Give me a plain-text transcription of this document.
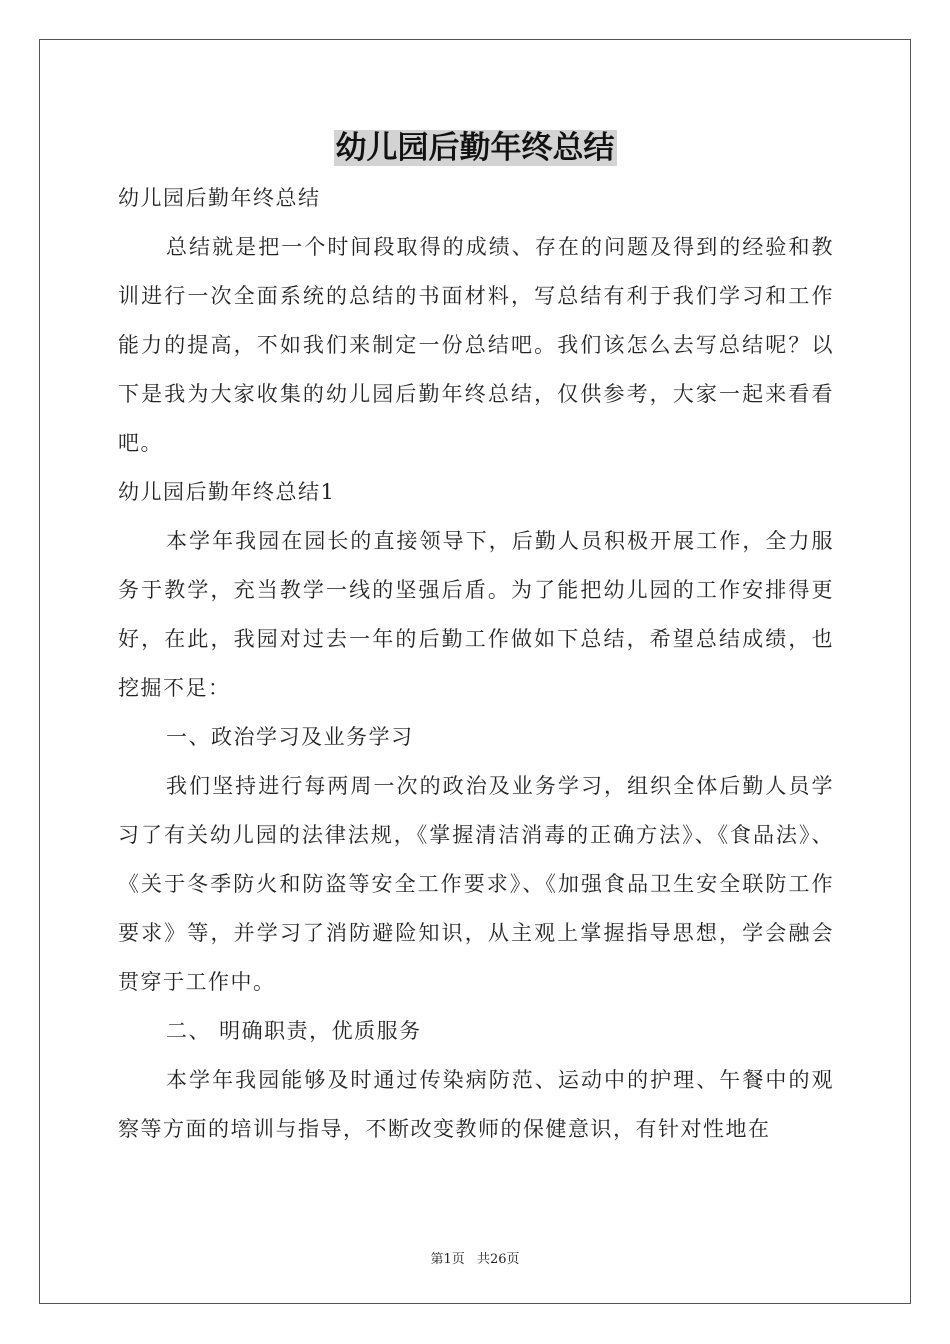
幼儿园后勤年终总结

幼儿园后勤年终总结

总结就是把一个时间段取得的成绩、存在的问题及得到的经验和教训进行一次全面系统的总结的书面材料，写总结有利于我们学习和工作能力的提高，不如我们来制定一份总结吧。我们该怎么去写总结呢？以下是我为大家收集的幼儿园后勤年终总结，仅供参考，大家一起来看看吧。

幼儿园后勤年终总结1

本学年我园在园长的直接领导下，后勤人员积极开展工作，全力服务于教学，充当教学一线的坚强后盾。为了能把幼儿园的工作安排得更好，在此，我园对过去一年的后勤工作做如下总结，希望总结成绩，也挖掘不足：

一、政治学习及业务学习

我们坚持进行每两周一次的政治及业务学习，组织全体后勤人员学习了有关幼儿园的法律法规，《掌握清洁消毒的正确方法》、《食品法》、《关于冬季防火和防盗等安全工作要求》、《加强食品卫生安全联防工作要求》等，并学习了消防避险知识，从主观上掌握指导思想，学会融会贯穿于工作中。

二、 明确职责，优质服务

本学年我园能够及时通过传染病防范、运动中的护理、午餐中的观察等方面的培训与指导，不断改变教师的保健意识，有针对性地在

第1页 共26页
